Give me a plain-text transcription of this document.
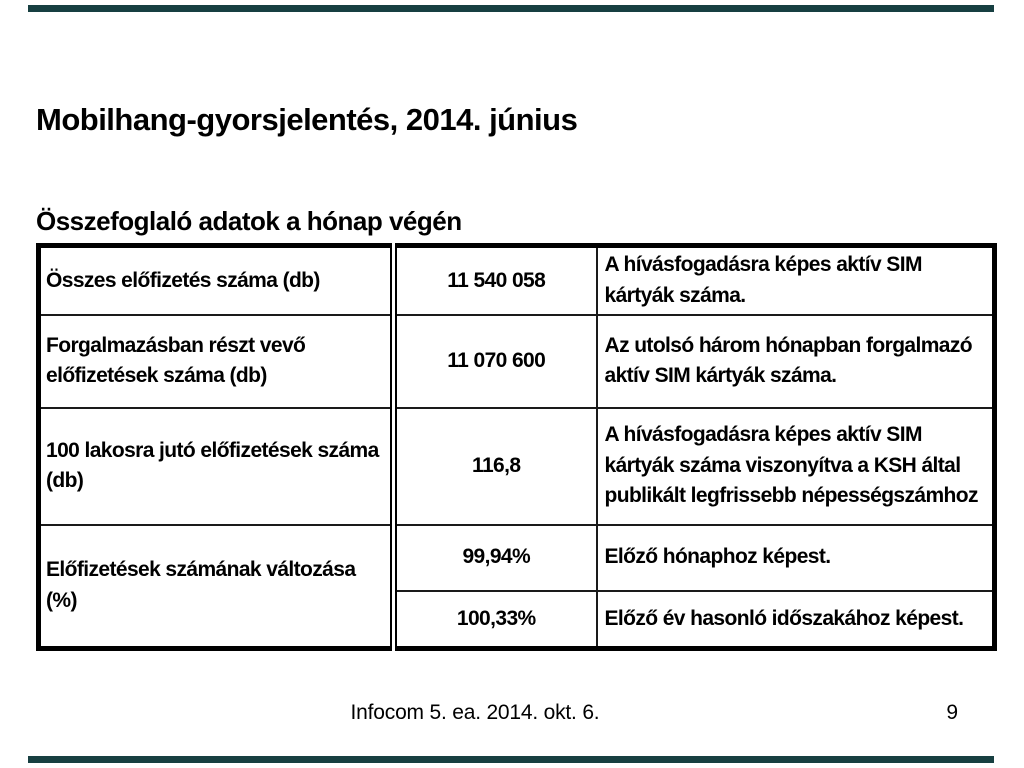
Mobilhang-gyorsjelentés, 2014. június
Összefoglaló adatok a hónap végén
Összes előfizetés száma (db)	11 540 058	A hívásfogadásra képes aktív SIM kártyák száma.
Forgalmazásban részt vevő előfizetések száma (db)	11 070 600	Az utolsó három hónapban forgalmazó aktív SIM kártyák száma.
100 lakosra jutó előfizetések száma (db)	116,8	A hívásfogadásra képes aktív SIM kártyák száma viszonyítva a KSH által publikált legfrissebb népességszámhoz
Előfizetések számának változása (%)	99,94%	Előző hónaphoz képest.
	100,33%	Előző év hasonló időszakához képest.
Infocom 5. ea. 2014. okt. 6.	9
